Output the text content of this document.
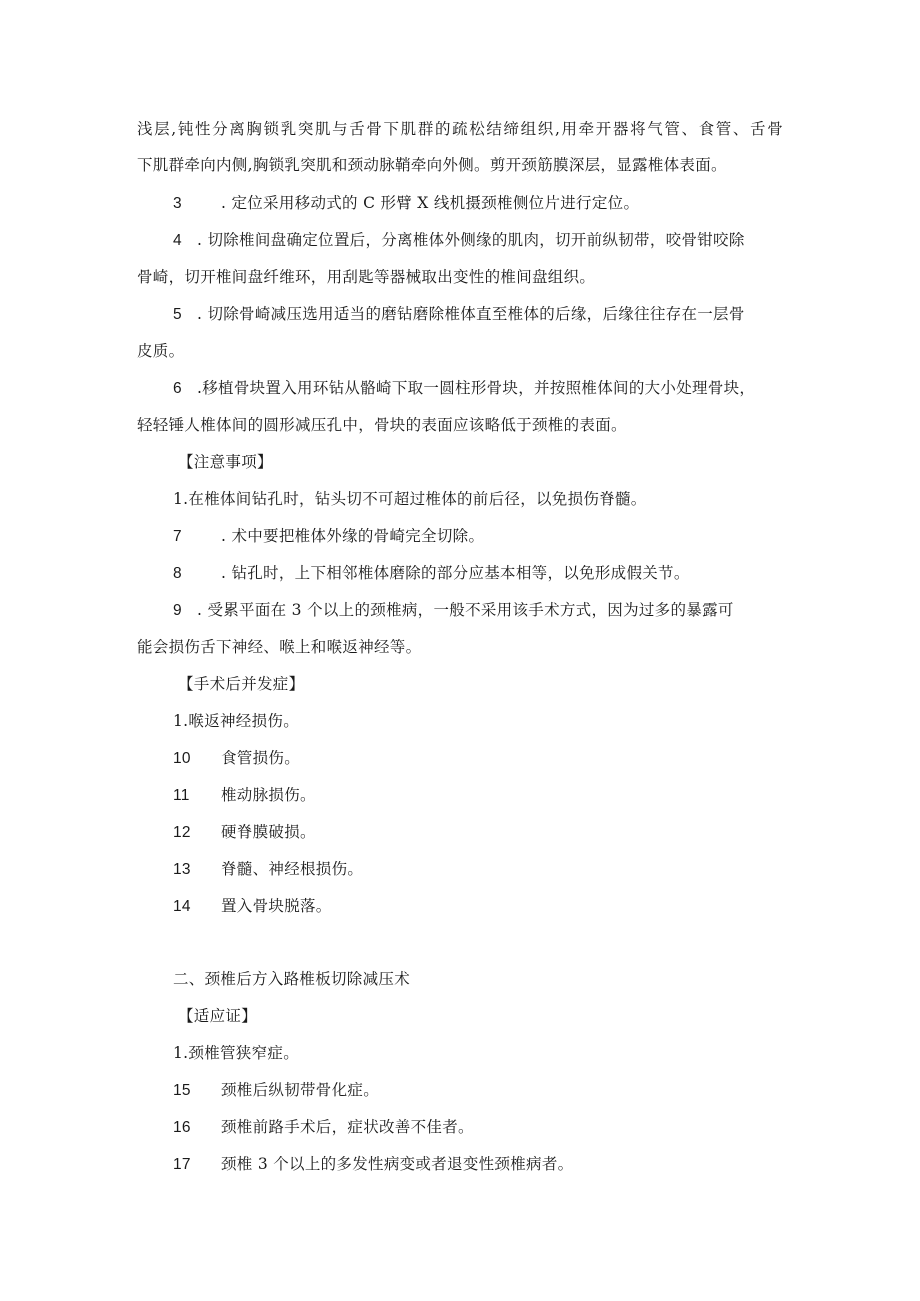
浅层,钝性分离胸锁乳突肌与舌骨下肌群的疏松结缔组织,用牵开器将气管、食管、舌骨
下肌群牵向内侧,胸锁乳突肌和颈动脉鞘牵向外侧。剪开颈筋膜深层，显露椎体表面。
3	. 定位采用移动式的 C 形臂 X 线机摄颈椎侧位片进行定位。
4 . 切除椎间盘确定位置后，分离椎体外侧缘的肌肉，切开前纵韧带，咬骨钳咬除
骨崎，切开椎间盘纤维环，用刮匙等器械取出变性的椎间盘组织。
5 . 切除骨崎减压选用适当的磨钻磨除椎体直至椎体的后缘，后缘往往存在一层骨
皮质。
6 .移植骨块置入用环钻从骼崎下取一圆柱形骨块，并按照椎体间的大小处理骨块，
轻轻锤人椎体间的圆形减压孔中，骨块的表面应该略低于颈椎的表面。
【注意事项】
1.在椎体间钻孔时，钻头切不可超过椎体的前后径，以免损伤脊髓。
7	. 术中要把椎体外缘的骨崎完全切除。
8	. 钻孔时，上下相邻椎体磨除的部分应基本相等，以免形成假关节。
9 . 受累平面在 3 个以上的颈椎病，一般不采用该手术方式，因为过多的暴露可
能会损伤舌下神经、喉上和喉返神经等。
【手术后并发症】
1.喉返神经损伤。
10 食管损伤。
11 椎动脉损伤。
12 硬脊膜破损。
13 脊髓、神经根损伤。
14 置入骨块脱落。
二、颈椎后方入路椎板切除减压术
【适应证】
1.颈椎管狭窄症。
15 颈椎后纵韧带骨化症。
16 颈椎前路手术后，症状改善不佳者。
17 颈椎 3 个以上的多发性病变或者退变性颈椎病者。
